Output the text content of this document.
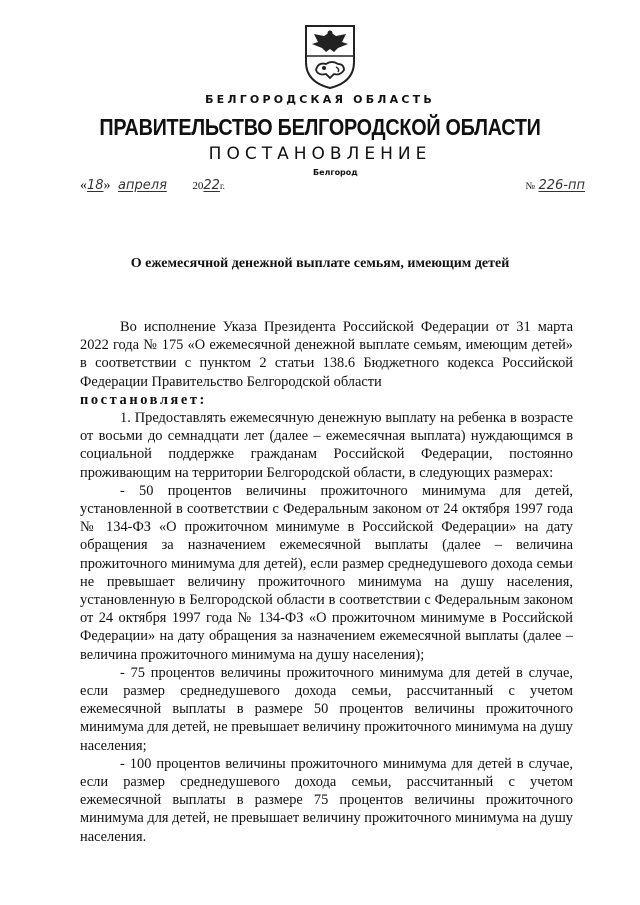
БЕЛГОРОДСКАЯ ОБЛАСТЬ
ПРАВИТЕЛЬСТВО БЕЛГОРОДСКОЙ ОБЛАСТИ
ПОСТАНОВЛЕНИЕ
Белгород
«18» апреля 2022г.	№ 226-пп
О ежемесячной денежной выплате семьям, имеющим детей

Во исполнение Указа Президента Российской Федерации от 31 марта 2022 года № 175 «О ежемесячной денежной выплате семьям, имеющим детей» в соответствии с пунктом 2 статьи 138.6 Бюджетного кодекса Российской Федерации Правительство Белгородской области

постановляет:

1. Предоставлять ежемесячную денежную выплату на ребенка в возрасте от восьми до семнадцати лет (далее – ежемесячная выплата) нуждающимся в социальной поддержке гражданам Российской Федерации, постоянно проживающим на территории Белгородской области, в следующих размерах:

- 50 процентов величины прожиточного минимума для детей, установленной в соответствии с Федеральным законом от 24 октября 1997 года № 134-ФЗ «О прожиточном минимуме в Российской Федерации» на дату обращения за назначением ежемесячной выплаты (далее – величина прожиточного минимума для детей), если размер среднедушевого дохода семьи не превышает величину прожиточного минимума на душу населения, установленную в Белгородской области в соответствии с Федеральным законом от 24 октября 1997 года № 134-ФЗ «О прожиточном минимуме в Российской Федерации» на дату обращения за назначением ежемесячной выплаты (далее – величина прожиточного минимума на душу населения);

- 75 процентов величины прожиточного минимума для детей в случае, если размер среднедушевого дохода семьи, рассчитанный с учетом ежемесячной выплаты в размере 50 процентов величины прожиточного минимума для детей, не превышает величину прожиточного минимума на душу населения;

- 100 процентов величины прожиточного минимума для детей в случае, если размер среднедушевого дохода семьи, рассчитанный с учетом ежемесячной выплаты в размере 75 процентов величины прожиточного минимума для детей, не превышает величину прожиточного минимума на душу населения.
